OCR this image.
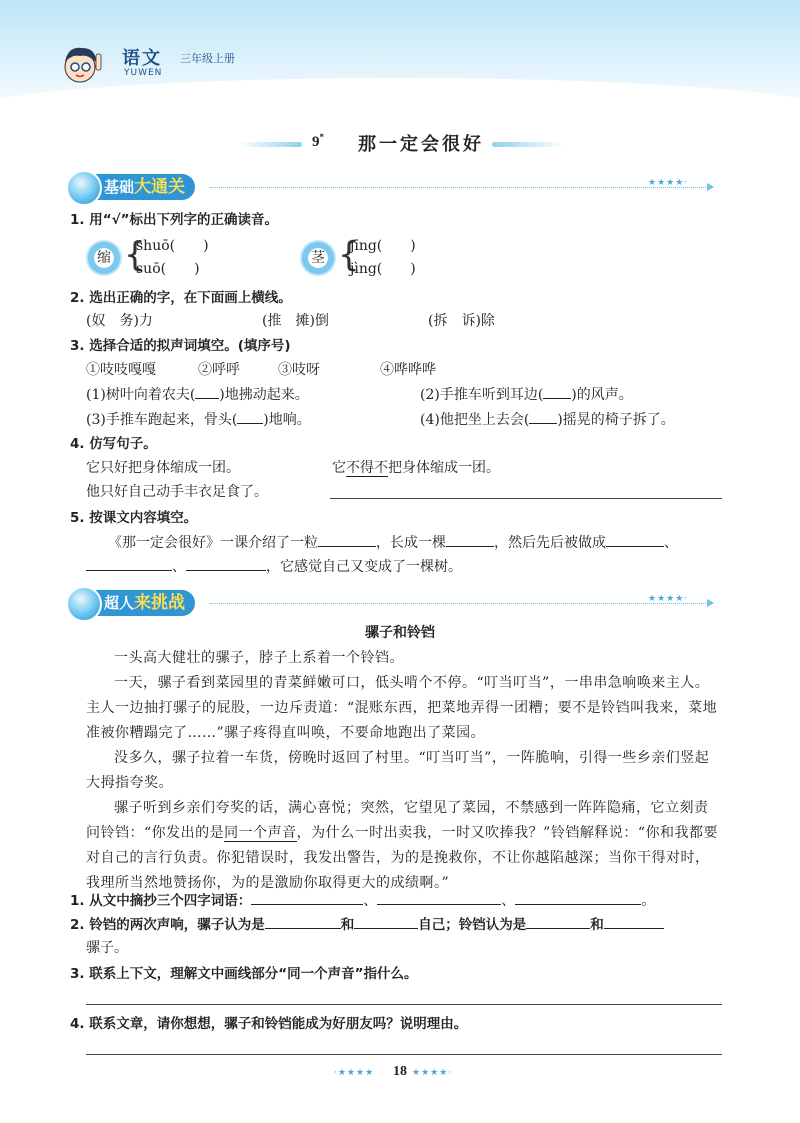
语文
YUWEN
三年级上册
9* 那一定会很好
基础大通关	★★★★·
1. 用“√”标出下列字的正确读音。
缩 {
shuō(　　)
suō(　　)
茎 {
jīng(　　)
jìng(　　)
2. 选出正确的字，在下面画上横线。
(奴　务)力	(推　摊)倒	(拆　诉)除
3. 选择合适的拟声词填空。(填序号)
①吱吱嘎嘎	②呼呼	③吱呀	④哗哗哗
(1)树叶向着农夫( )地拂动起来。	(2)手推车听到耳边( )的风声。
(3)手推车跑起来，骨头( )地响。	(4)他把坐上去会( )摇晃的椅子拆了。
4. 仿写句子。
它只好把身体缩成一团。	它不得不把身体缩成一团。
他只好自己动手丰衣足食了。
5. 按课文内容填空。
《那一定会很好》一课介绍了一粒	，长成一棵	，然后先后被做成	、
、	，它感觉自己又变成了一棵树。
超人来挑战	★★★★·
骡子和铃铛

一头高大健壮的骡子，脖子上系着一个铃铛。

一天，骡子看到菜园里的青菜鲜嫩可口，低头啃个不停。“叮当叮当”，一串串急响唤来主人。主人一边抽打骡子的屁股，一边斥责道：“混账东西，把菜地弄得一团糟；要不是铃铛叫我来，菜地准被你糟蹋完了……”骡子疼得直叫唤，不要命地跑出了菜园。

没多久，骡子拉着一车货，傍晚时返回了村里。“叮当叮当”，一阵脆响，引得一些乡亲们竖起大拇指夸奖。

骡子听到乡亲们夸奖的话，满心喜悦；突然，它望见了菜园，不禁感到一阵阵隐痛，它立刻责问铃铛：“你发出的是同一个声音，为什么一时出卖我，一时又吹捧我？”铃铛解释说：“你和我都要对自己的言行负责。你犯错误时，我发出警告，为的是挽救你，不让你越陷越深；当你干得对时，我理所当然地赞扬你，为的是激励你取得更大的成绩啊。”

1. 从文中摘抄三个四字词语：	、	、	。
2. 铃铛的两次声响，骡子认为是	和	自己；铃铛认为是	和
骡子。
3. 联系上下文，理解文中画线部分“同一个声音”指什么。
4. 联系文章，请你想想，骡子和铃铛能成为好朋友吗？说明理由。
·★★★★	18 ★★★★·
